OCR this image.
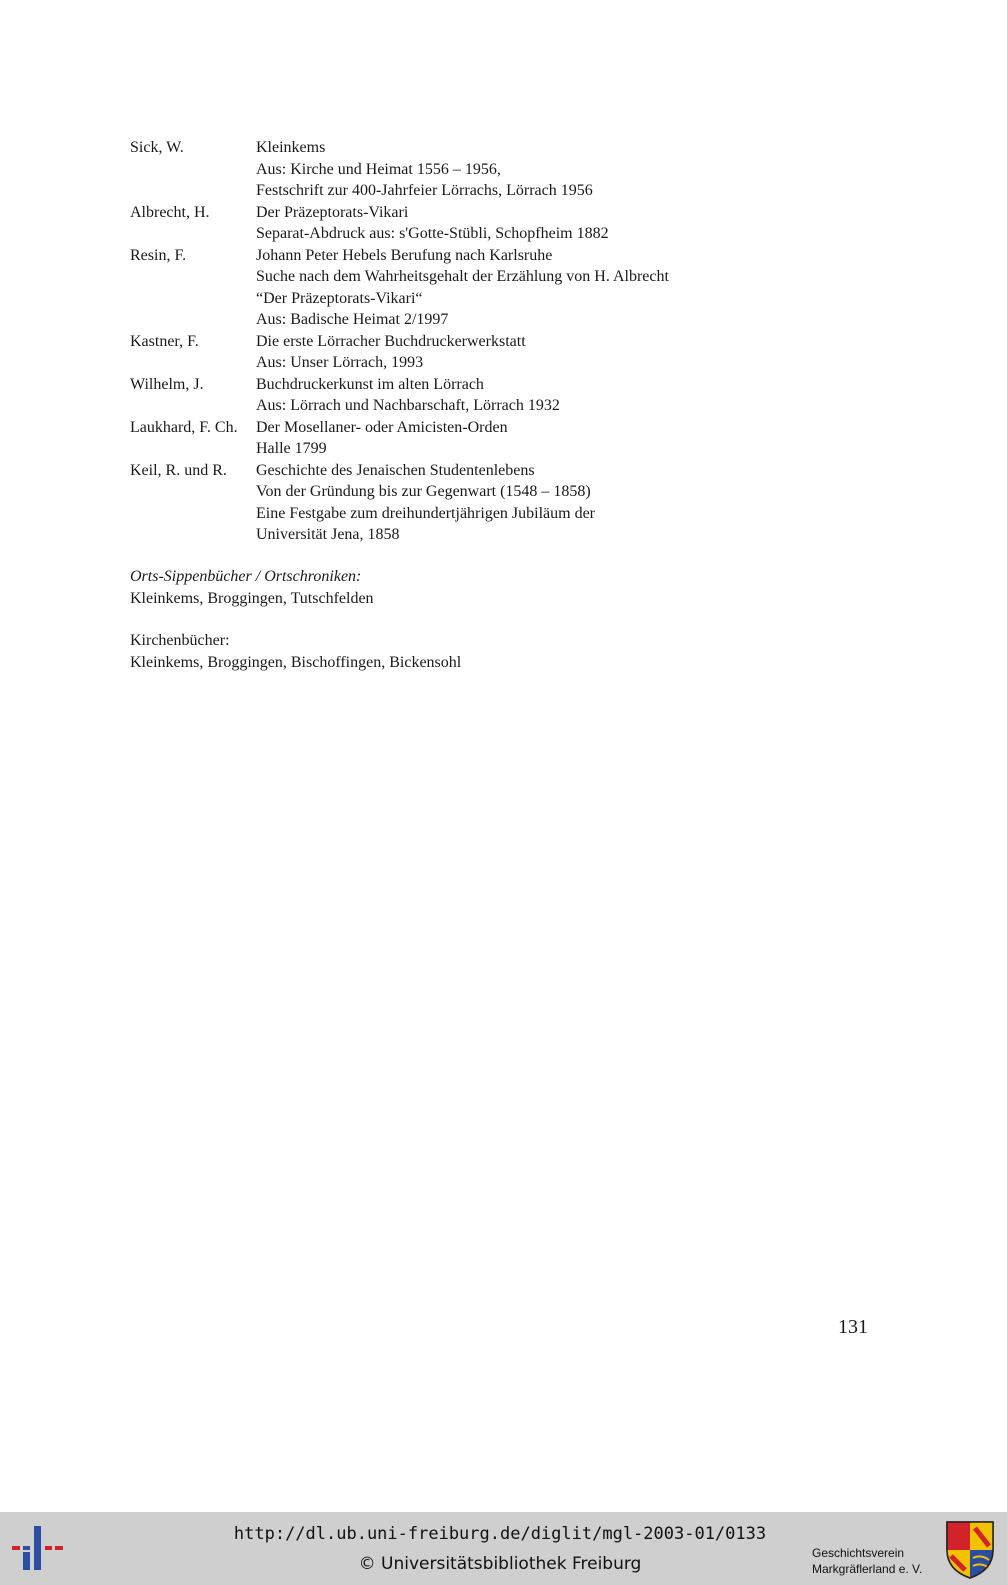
Sick, W.	Kleinkems
Aus: Kirche und Heimat 1556 – 1956,
Festschrift zur 400-Jahrfeier Lörrachs, Lörrach 1956
Albrecht, H.	Der Präzeptorats-Vikari
Separat-Abdruck aus: s'Gotte-Stübli, Schopfheim 1882
Resin, F.	Johann Peter Hebels Berufung nach Karlsruhe
Suche nach dem Wahrheitsgehalt der Erzählung von H. Albrecht
“Der Präzeptorats-Vikari“
Aus: Badische Heimat 2/1997
Kastner, F.	Die erste Lörracher Buchdruckerwerkstatt
Aus: Unser Lörrach, 1993
Wilhelm, J.	Buchdruckerkunst im alten Lörrach
Aus: Lörrach und Nachbarschaft, Lörrach 1932
Laukhard, F. Ch.	Der Mosellaner- oder Amicisten-Orden
Halle 1799
Keil, R. und R.	Geschichte des Jenaischen Studentenlebens
Von der Gründung bis zur Gegenwart (1548 – 1858)
Eine Festgabe zum dreihundertjährigen Jubiläum der
Universität Jena, 1858
Orts-Sippenbücher / Ortschroniken:
Kleinkems, Broggingen, Tutschfelden
Kirchenbücher:
Kleinkems, Broggingen, Bischoffingen, Bickensohl
131
http://dl.ub.uni-freiburg.de/diglit/mgl-2003-01/0133
© Universitätsbibliothek Freiburg
Geschichtsverein
Markgräflerland e. V.
